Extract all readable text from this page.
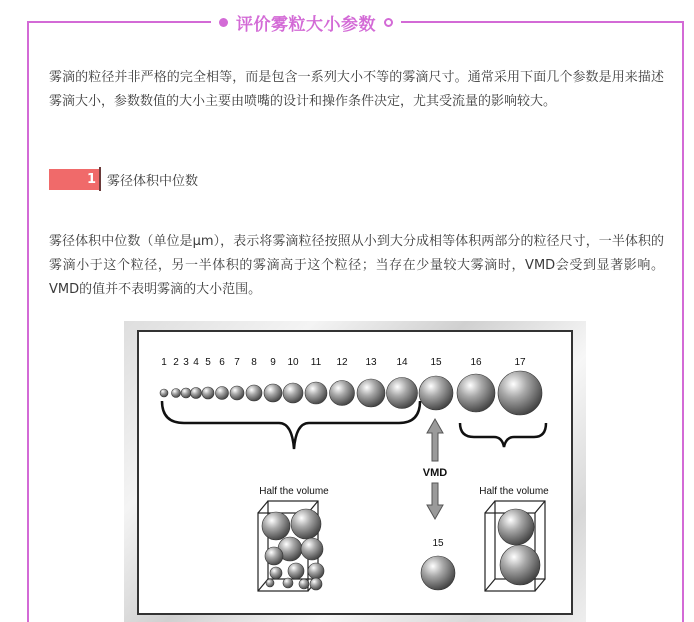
评价雾粒大小参数

雾滴的粒径并非严格的完全相等，而是包含一系列大小不等的雾滴尺寸。通常采用下面几个参数是用来描述雾滴大小，参数数值的大小主要由喷嘴的设计和操作条件决定，尤其受流量的影响较大。

1 雾径体积中位数

雾径体积中位数（单位是μm），表示将雾滴粒径按照从小到大分成相等体积两部分的粒径尺寸，一半体积的雾滴小于这个粒径，另一半体积的雾滴高于这个粒径；当存在少量较大雾滴时，VMD会受到显著影响。VMD的值并不表明雾滴的大小范围。

1 2 3 4 5 6 7 8 9 10 11 12 13 14 15	16	17
VMD
Half the volume	Half the volume
15
